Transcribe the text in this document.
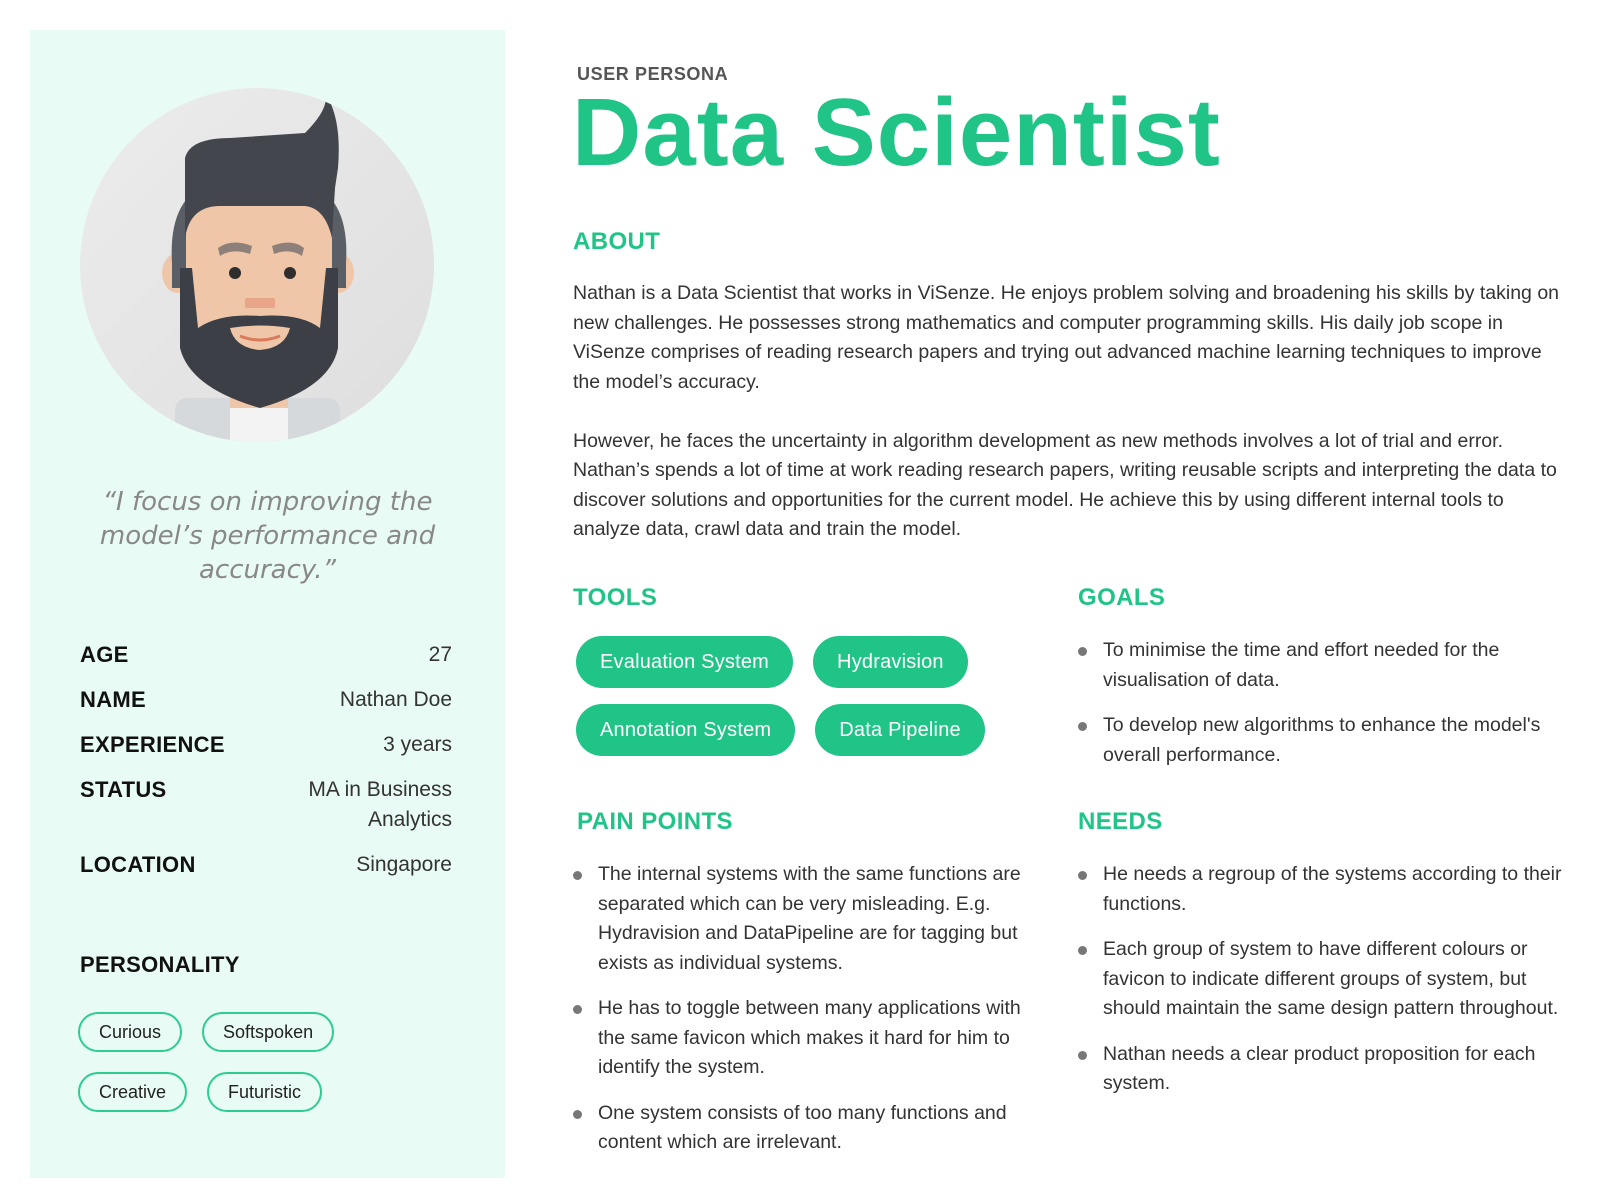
“I focus on improving the model’s performance and accuracy.”

AGE	27
NAME	Nathan Doe
EXPERIENCE	3 years
STATUS	MA in Business Analytics
LOCATION	Singapore
PERSONALITY
Curious	Softspoken
Creative	Futuristic
USER PERSONA
Data Scientist
ABOUT

Nathan is a Data Scientist that works in ViSenze. He enjoys problem solving and broadening his skills by taking on new challenges. He possesses strong mathematics and computer programming skills. His daily job scope in ViSenze comprises of reading research papers and trying out advanced machine learning techniques to improve the model’s accuracy.

However, he faces the uncertainty in algorithm development as new methods involves a lot of trial and error. Nathan’s spends a lot of time at work reading research papers, writing reusable scripts and interpreting the data to discover solutions and opportunities for the current model. He achieve this by using different internal tools to analyze data, crawl data and train the model.

TOOLS
Evaluation System	Hydravision
Annotation System	Data Pipeline
GOALS
To minimise the time and effort needed for the visualisation of data.
To develop new algorithms to enhance the model's overall performance.
PAIN POINTS
The internal systems with the same functions are separated which can be very misleading. E.g. Hydravision and DataPipeline are for tagging but exists as individual systems.
He has to toggle between many applications with the same favicon which makes it hard for him to identify the system.
One system consists of too many functions and content which are irrelevant.
NEEDS
He needs a regroup of the systems according to their functions.
Each group of system to have different colours or favicon to indicate different groups of system, but should maintain the same design pattern throughout.
Nathan needs a clear product proposition for each system.
